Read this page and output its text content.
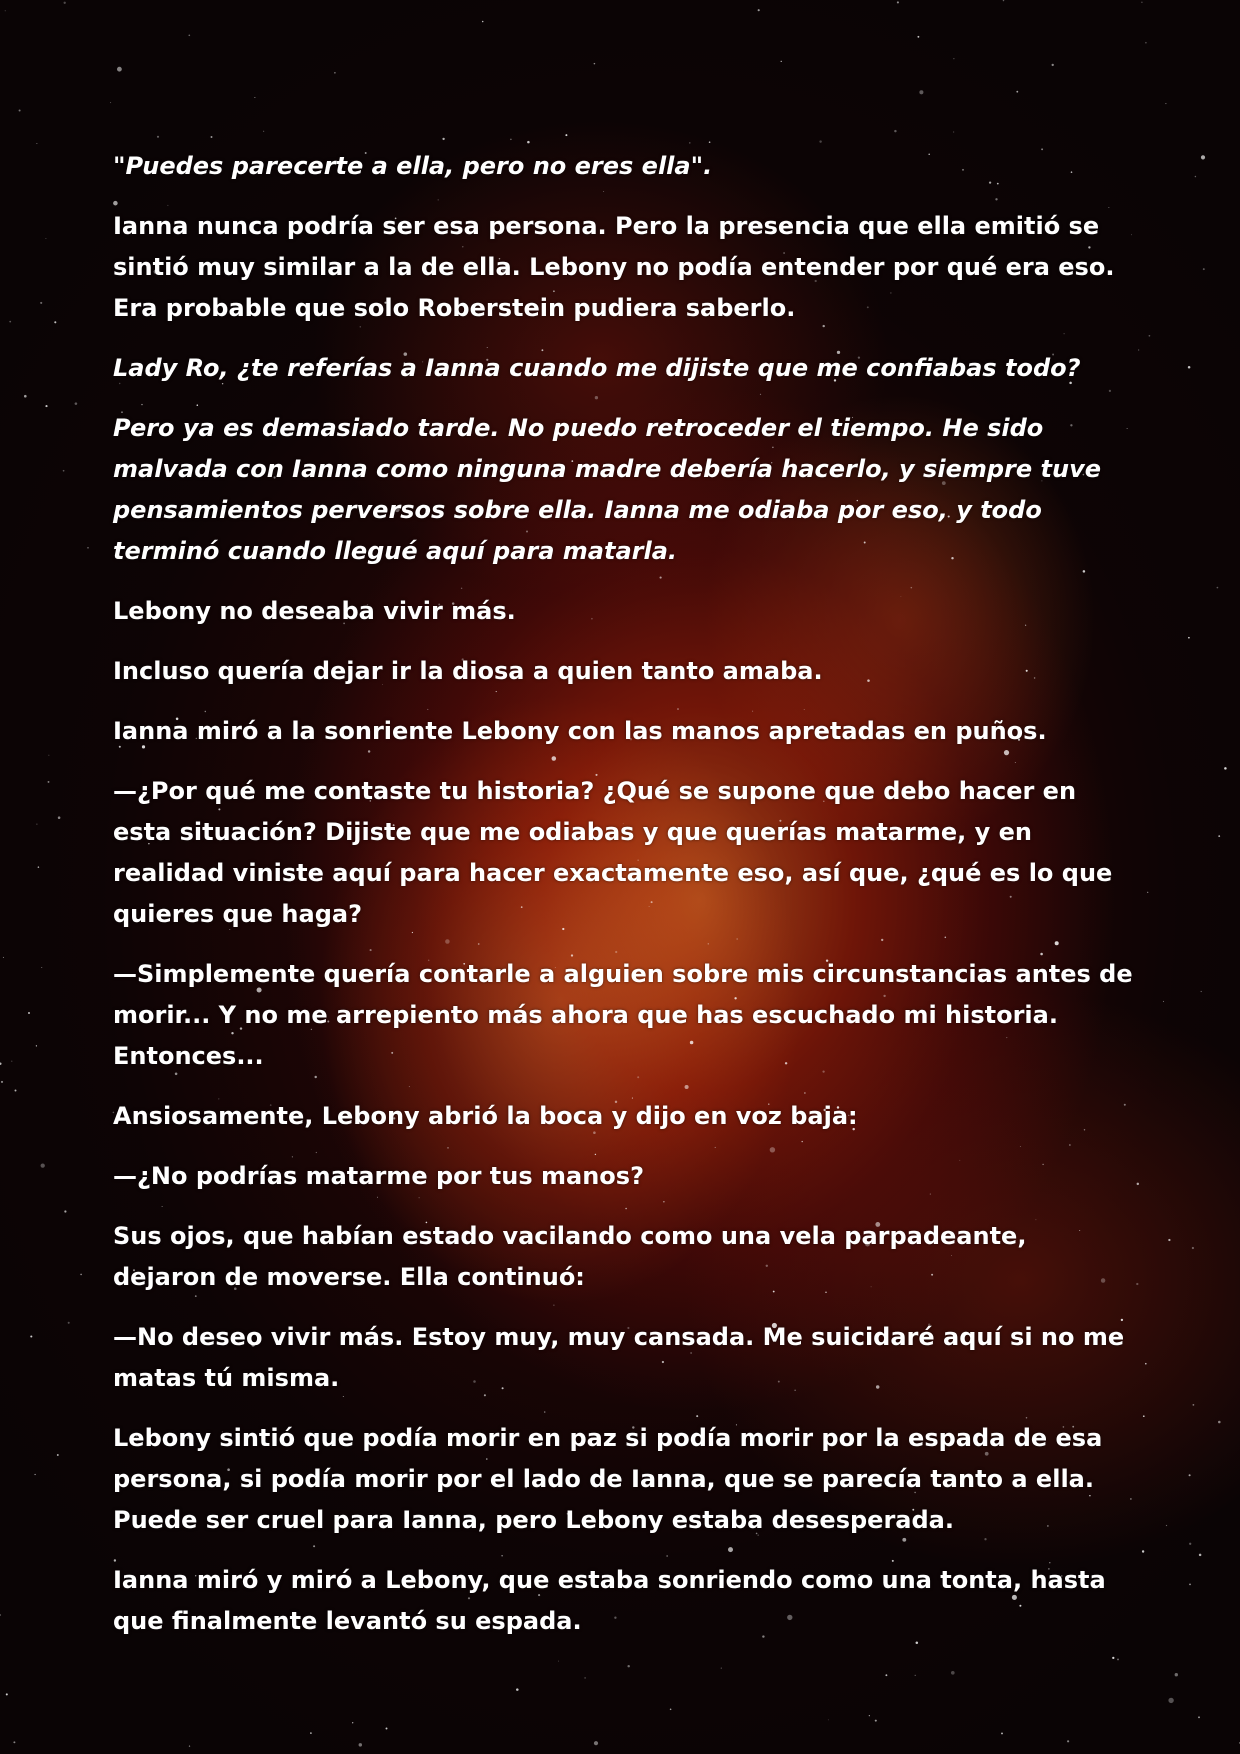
"Puedes parecerte a ella, pero no eres ella".

Ianna nunca podría ser esa persona. Pero la presencia que ella emitió se sintió muy similar a la de ella. Lebony no podía entender por qué era eso. Era probable que solo Roberstein pudiera saberlo.

Lady Ro, ¿te referías a Ianna cuando me dijiste que me confiabas todo?

Pero ya es demasiado tarde. No puedo retroceder el tiempo. He sido malvada con Ianna como ninguna madre debería hacerlo, y siempre tuve pensamientos perversos sobre ella. Ianna me odiaba por eso, y todo terminó cuando llegué aquí para matarla.

Lebony no deseaba vivir más.

Incluso quería dejar ir la diosa a quien tanto amaba.

Ianna miró a la sonriente Lebony con las manos apretadas en puños.

—¿Por qué me contaste tu historia? ¿Qué se supone que debo hacer en esta situación? Dijiste que me odiabas y que querías matarme, y en realidad viniste aquí para hacer exactamente eso, así que, ¿qué es lo que quieres que haga?

—Simplemente quería contarle a alguien sobre mis circunstancias antes de morir... Y no me arrepiento más ahora que has escuchado mi historia. Entonces...

Ansiosamente, Lebony abrió la boca y dijo en voz baja:

—¿No podrías matarme por tus manos?

Sus ojos, que habían estado vacilando como una vela parpadeante, dejaron de moverse. Ella continuó:

—No deseo vivir más. Estoy muy, muy cansada. Me suicidaré aquí si no me matas tú misma.

Lebony sintió que podía morir en paz si podía morir por la espada de esa persona, si podía morir por el lado de Ianna, que se parecía tanto a ella. Puede ser cruel para Ianna, pero Lebony estaba desesperada.

Ianna miró y miró a Lebony, que estaba sonriendo como una tonta, hasta que finalmente levantó su espada.
